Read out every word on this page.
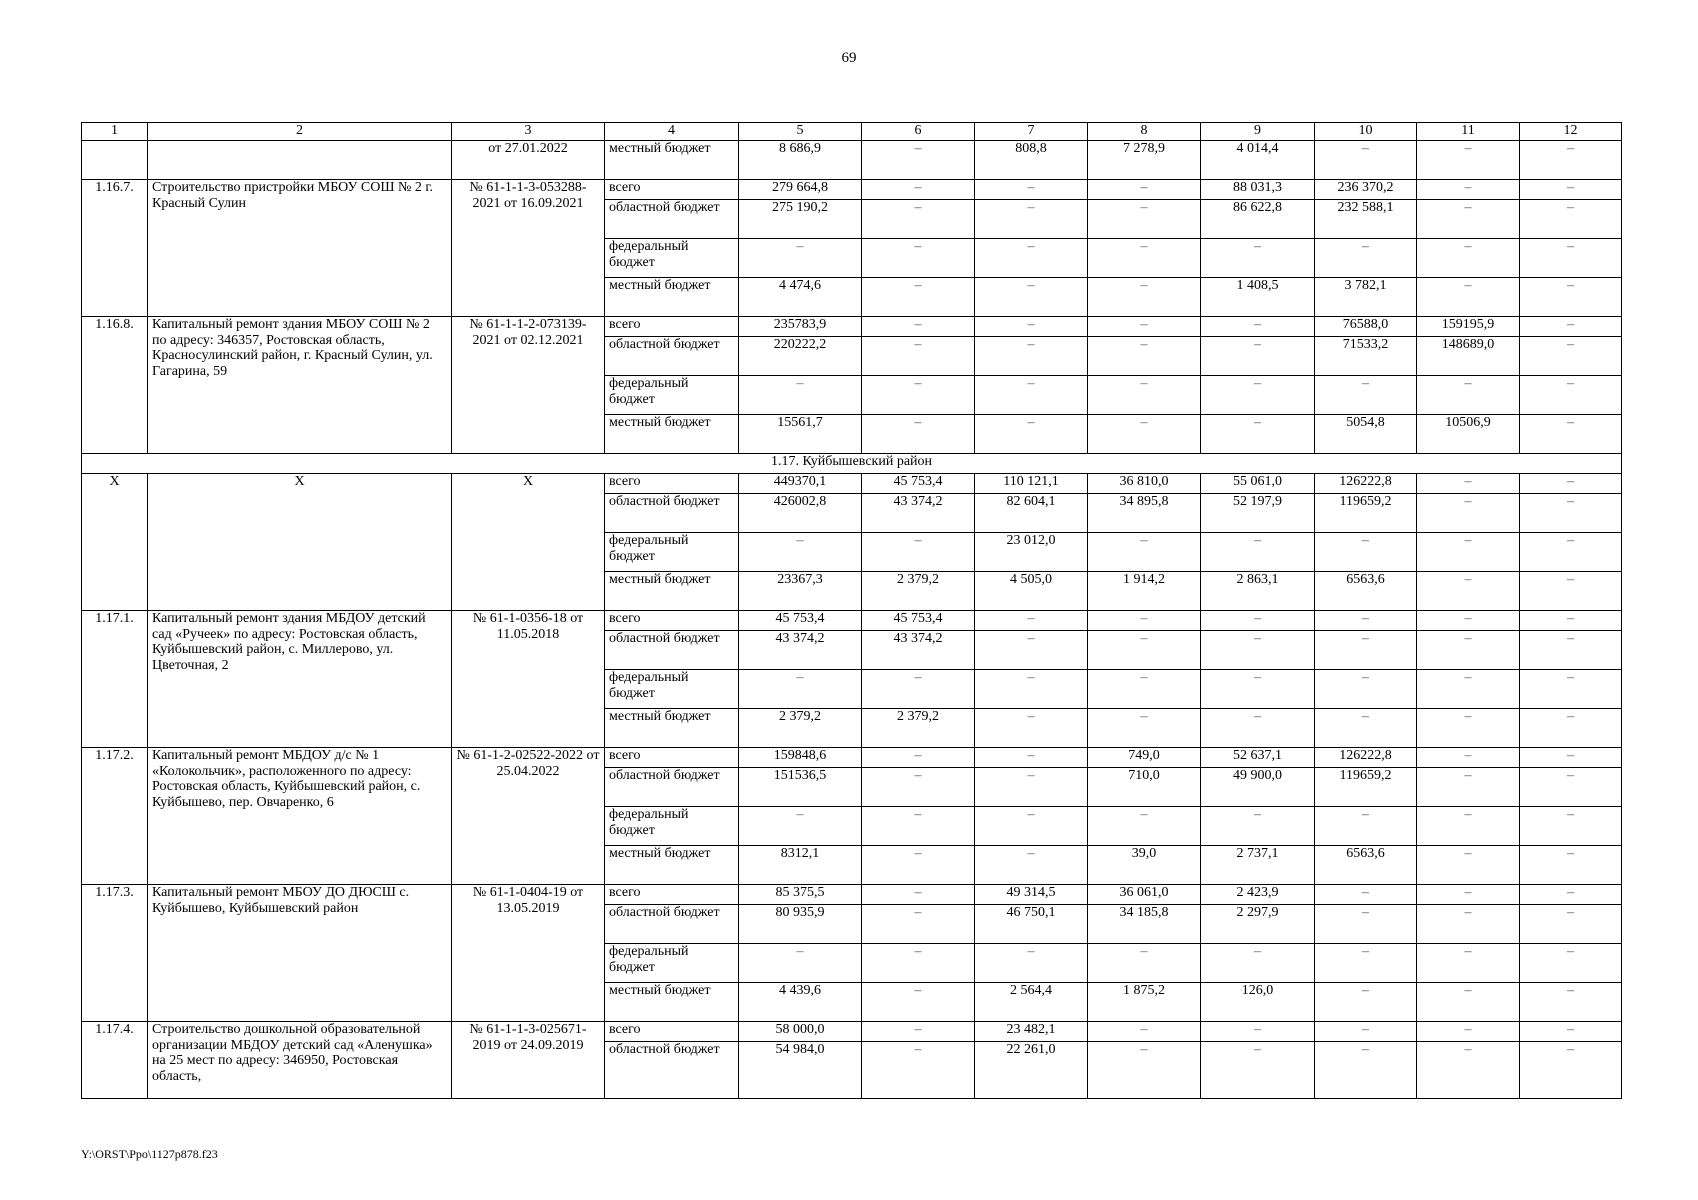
69
1	2	3	4	5	6	7	8	9	10	11	12
		от 27.01.2022	местный бюджет	8 686,9	–	808,8	7 278,9	4 014,4	–	–	–
1.16.7.	Строительство пристройки МБОУ СОШ № 2 г. Красный Сулин	№ 61-1-1-3-053288-2021 от 16.09.2021	всего	279 664,8	–	–	–	88 031,3	236 370,2	–	–
			областной бюджет	275 190,2	–	–	–	86 622,8	232 588,1	–	–
			федеральный бюджет	–	–	–	–	–	–	–	–
			местный бюджет	4 474,6	–	–	–	1 408,5	3 782,1	–	–
1.16.8.	Капитальный ремонт здания МБОУ СОШ № 2 по адресу: 346357, Ростовская область, Красносулинский район, г. Красный Сулин, ул. Гагарина, 59	№ 61-1-1-2-073139-2021 от 02.12.2021	всего	235783,9	–	–	–	–	76588,0	159195,9	–
			областной бюджет	220222,2	–	–	–	–	71533,2	148689,0	–
			федеральный бюджет	–	–	–	–	–	–	–	–
			местный бюджет	15561,7	–	–	–	–	5054,8	10506,9	–
1.17. Куйбышевский район											
X	X	X	всего	449370,1	45 753,4	110 121,1	36 810,0	55 061,0	126222,8	–	–
			областной бюджет	426002,8	43 374,2	82 604,1	34 895,8	52 197,9	119659,2	–	–
			федеральный бюджет	–	–	23 012,0	–	–	–	–	–
			местный бюджет	23367,3	2 379,2	4 505,0	1 914,2	2 863,1	6563,6	–	–
1.17.1.	Капитальный ремонт здания МБДОУ детский сад «Ручеек» по адресу: Ростовская область, Куйбышевский район, с. Миллерово, ул. Цветочная, 2	№ 61-1-0356-18 от 11.05.2018	всего	45 753,4	45 753,4	–	–	–	–	–	–
			областной бюджет	43 374,2	43 374,2	–	–	–	–	–	–
			федеральный бюджет	–	–	–	–	–	–	–	–
			местный бюджет	2 379,2	2 379,2	–	–	–	–	–	–
1.17.2.	Капитальный ремонт МБДОУ д/с № 1 «Колокольчик», расположенного по адресу: Ростовская область, Куйбышевский район, с. Куйбышево, пер. Овчаренко, 6	№ 61-1-2-02522-2022 от 25.04.2022	всего	159848,6	–	–	749,0	52 637,1	126222,8	–	–
			областной бюджет	151536,5	–	–	710,0	49 900,0	119659,2	–	–
			федеральный бюджет	–	–	–	–	–	–	–	–
			местный бюджет	8312,1	–	–	39,0	2 737,1	6563,6	–	–
1.17.3.	Капитальный ремонт МБОУ ДО ДЮСШ с. Куйбышево, Куйбышевский район	№ 61-1-0404-19 от 13.05.2019	всего	85 375,5	–	49 314,5	36 061,0	2 423,9	–	–	–
			областной бюджет	80 935,9	–	46 750,1	34 185,8	2 297,9	–	–	–
			федеральный бюджет	–	–	–	–	–	–	–	–
			местный бюджет	4 439,6	–	2 564,4	1 875,2	126,0	–	–	–
1.17.4.	Строительство дошкольной образовательной организации МБДОУ детский сад «Аленушка» на 25 мест по адресу: 346950, Ростовская область,	№ 61-1-1-3-025671-2019 от 24.09.2019	всего	58 000,0	–	23 482,1	–	–	–	–	–
			областной бюджет	54 984,0	–	22 261,0	–	–	–	–	–
Y:\ORST\Ppo\1127p878.f23
